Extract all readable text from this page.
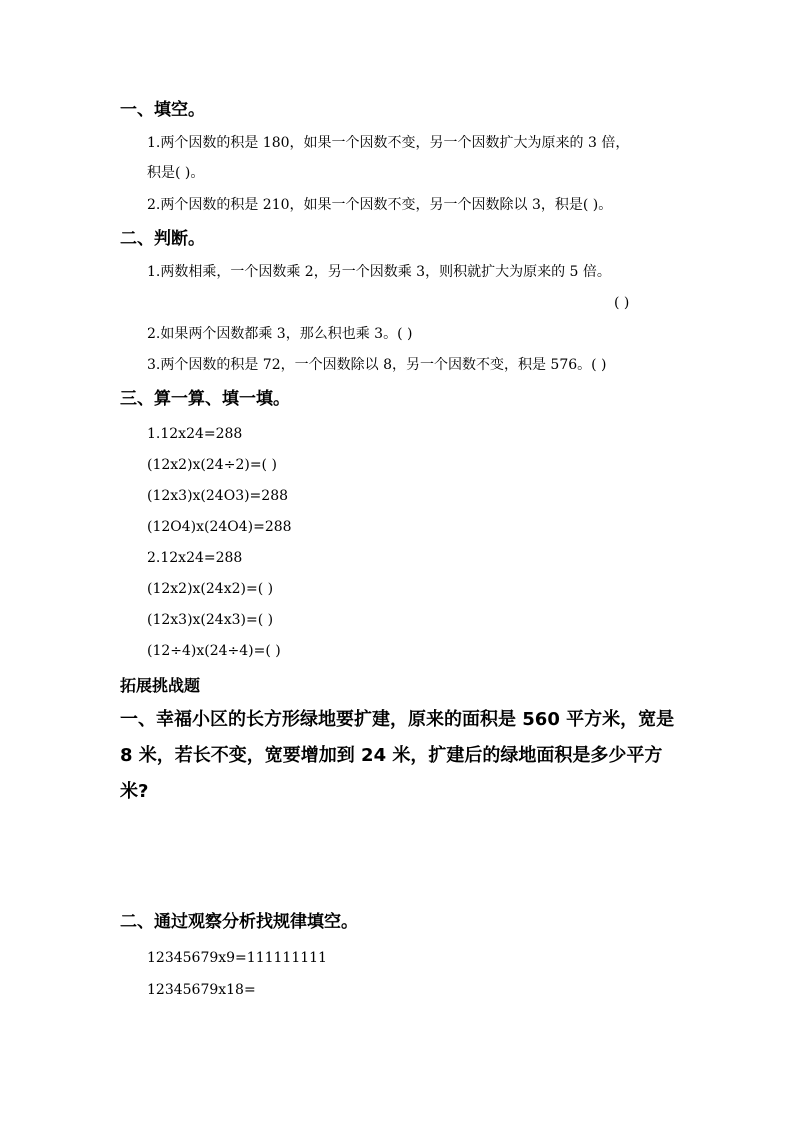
一、填空。
1.两个因数的积是 180，如果一个因数不变，另一个因数扩大为原来的 3 倍，
积是( )。
2.两个因数的积是 210，如果一个因数不变，另一个因数除以 3，积是( )。
二、判断。
1.两数相乘，一个因数乘 2，另一个因数乘 3，则积就扩大为原来的 5 倍。
( )
2.如果两个因数都乘 3，那么积也乘 3。( )
3.两个因数的积是 72，一个因数除以 8，另一个因数不变，积是 576。( )
三、算一算、填一填。
1.12x24=288
(12x2)x(24÷2)=( )
(12x3)x(24O3)=288
(12O4)x(24O4)=288
2.12x24=288
(12x2)x(24x2)=( )
(12x3)x(24x3)=( )
(12÷4)x(24÷4)=( )
拓展挑战题
一、幸福小区的长方形绿地要扩建，原来的面积是 560 平方米，宽是
8 米，若长不变，宽要增加到 24 米，扩建后的绿地面积是多少平方
米?
二、通过观察分析找规律填空。
12345679x9=111111111
12345679x18=
